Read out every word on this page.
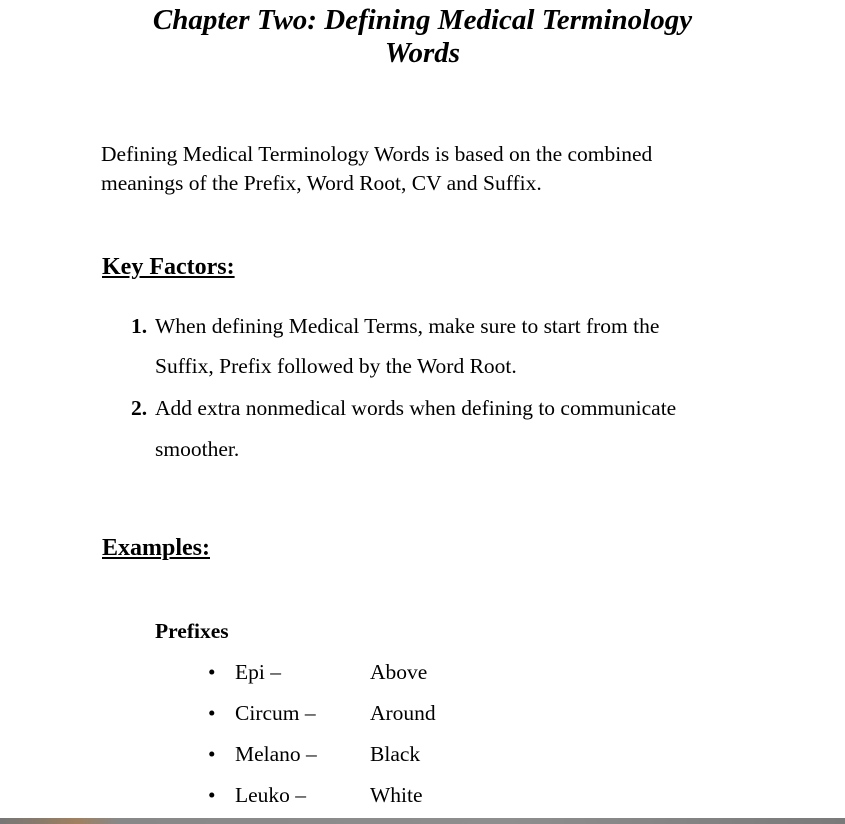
Chapter Two: Defining Medical Terminology
Words
Defining Medical Terminology Words is based on the combined
meanings of the Prefix, Word Root, CV and Suffix.
Key Factors:
1. When defining Medical Terms, make sure to start from the
Suffix, Prefix followed by the Word Root.
2. Add extra nonmedical words when defining to communicate
smoother.
Examples:
Prefixes
• Epi –	Above
• Circum –	Around
• Melano – Black
• Leuko –	White
